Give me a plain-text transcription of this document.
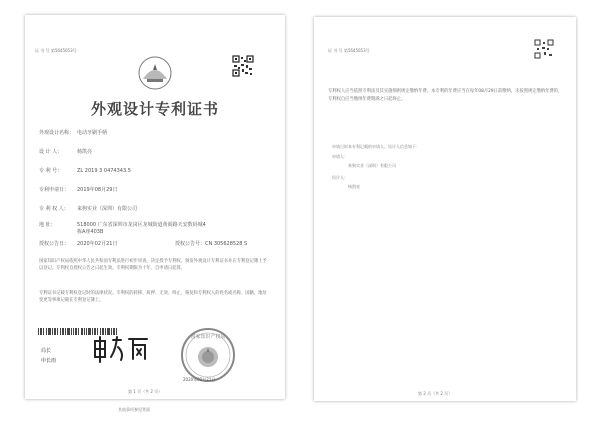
证 书 号 第5645053号
外观设计专利证书
外观设计名称： 电动牙刷手柄
设 计 人：	杨凯亮
专 利 号：	ZL 2019 3 0474343.5
专利申请日： 2019年08月29日
专 利 权 人： 来狗实业（深圳）有限公司
地 址：	518000 广东省深圳市龙岗区龙城街道黄阁路天安数码城4
栋A座403B
授权公告日： 2020年02月21日	授权公告号：CN 305628528 S
国家知识产权局依照中华人民共和国专利法进行初步审查，决定授予专利权，颁发外观设计专利证书并在专利登记簿上予以登记。专利权自授权公告之日起生效。专利权期限为十年，自申请日起算。
专利证书记载专利权登记时的法律状况。专利权的转移、质押、无效、终止、恢复和专利权人的姓名或名称、国籍、地址变更等事项记载在专利登记簿上。
局长
申长雨
国家知识产权局
2020年02月21日
第 1 页（共 2 页）
其他事项参见背面
证 书 号 第5645053号
专利权人应当依照专利法及其实施细则规定缴纳年费。本专利的年费应当在每年08月29日前缴纳。未按照规定缴纳年费的，专利权自应当缴纳年费期满之日起终止。
申请日时本专利记载的申请人、设计人信息如下：
申请人：
来狗实业（深圳）有限公司
设计人：
杨凯亮
第 2 页（共 2 页）
